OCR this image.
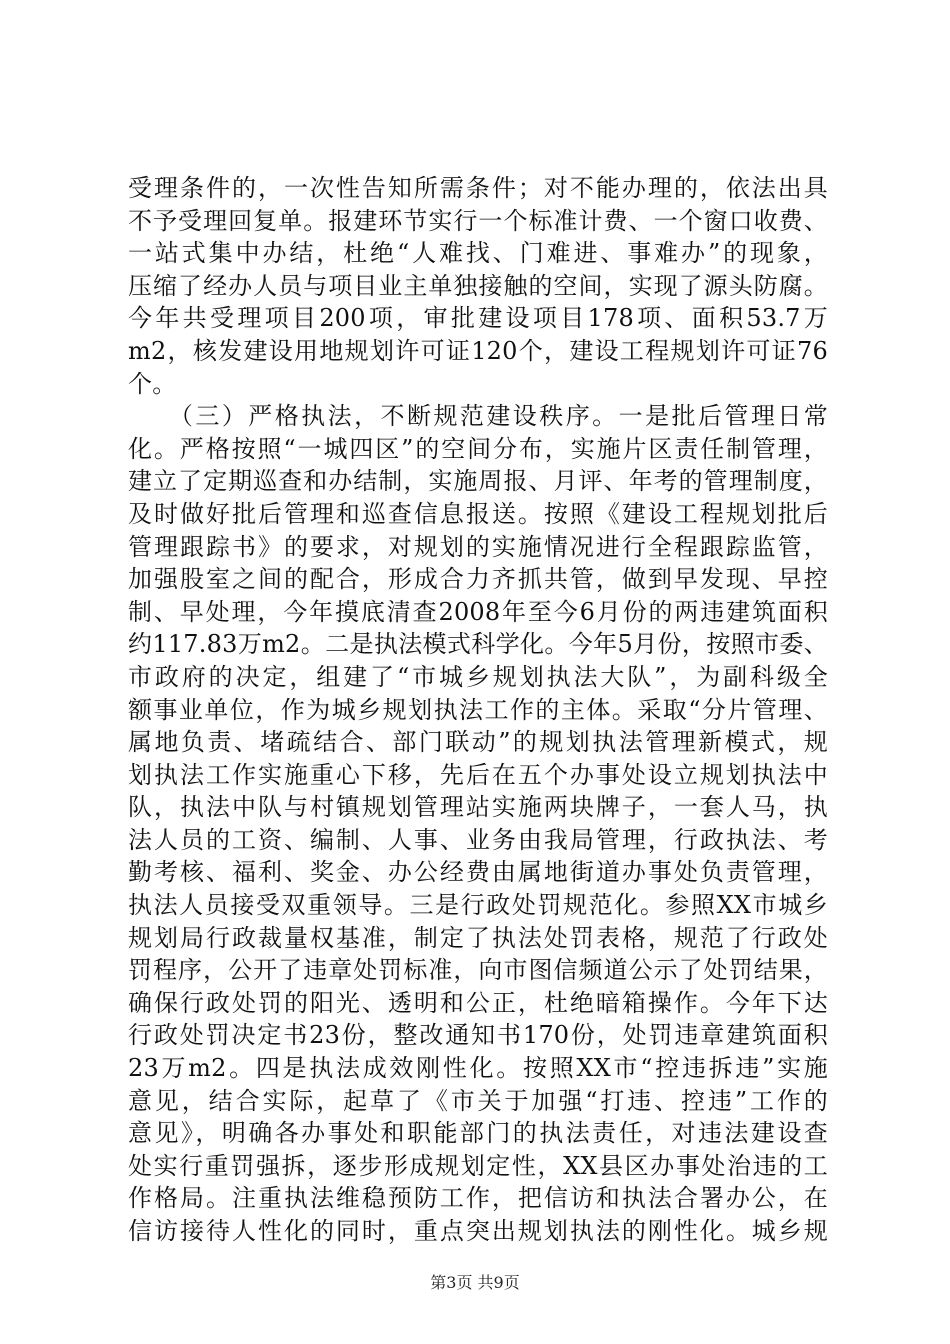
受理条件的，一次性告知所需条件；对不能办理的，依法出具
不予受理回复单。报建环节实行一个标准计费、一个窗口收费、
一站式集中办结，杜绝“人难找、门难进、事难办”的现象，
压缩了经办人员与项目业主单独接触的空间，实现了源头防腐。
今年共受理项目200项，审批建设项目178项、面积53.7万
m2，核发建设用地规划许可证120个，建设工程规划许可证76
个。
　　（三）严格执法，不断规范建设秩序。一是批后管理日常
化。严格按照“一城四区”的空间分布，实施片区责任制管理，
建立了定期巡查和办结制，实施周报、月评、年考的管理制度，
及时做好批后管理和巡查信息报送。按照《建设工程规划批后
管理跟踪书》的要求，对规划的实施情况进行全程跟踪监管，
加强股室之间的配合，形成合力齐抓共管，做到早发现、早控
制、早处理，今年摸底清查2008年至今6月份的两违建筑面积
约117.83万m2。二是执法模式科学化。今年5月份，按照市委、
市政府的决定，组建了“市城乡规划执法大队”，为副科级全
额事业单位，作为城乡规划执法工作的主体。采取“分片管理、
属地负责、堵疏结合、部门联动”的规划执法管理新模式，规
划执法工作实施重心下移，先后在五个办事处设立规划执法中
队，执法中队与村镇规划管理站实施两块牌子，一套人马，执
法人员的工资、编制、人事、业务由我局管理，行政执法、考
勤考核、福利、奖金、办公经费由属地街道办事处负责管理，
执法人员接受双重领导。三是行政处罚规范化。参照XX市城乡
规划局行政裁量权基准，制定了执法处罚表格，规范了行政处
罚程序，公开了违章处罚标准，向市图信频道公示了处罚结果，
确保行政处罚的阳光、透明和公正，杜绝暗箱操作。今年下达
行政处罚决定书23份，整改通知书170份，处罚违章建筑面积
23万m2。四是执法成效刚性化。按照XX市“控违拆违”实施
意见，结合实际，起草了《市关于加强“打违、控违”工作的
意见》，明确各办事处和职能部门的执法责任，对违法建设查
处实行重罚强拆，逐步形成规划定性，XX县区办事处治违的工
作格局。注重执法维稳预防工作，把信访和执法合署办公，在
信访接待人性化的同时，重点突出规划执法的刚性化。城乡规
第3页 共9页
